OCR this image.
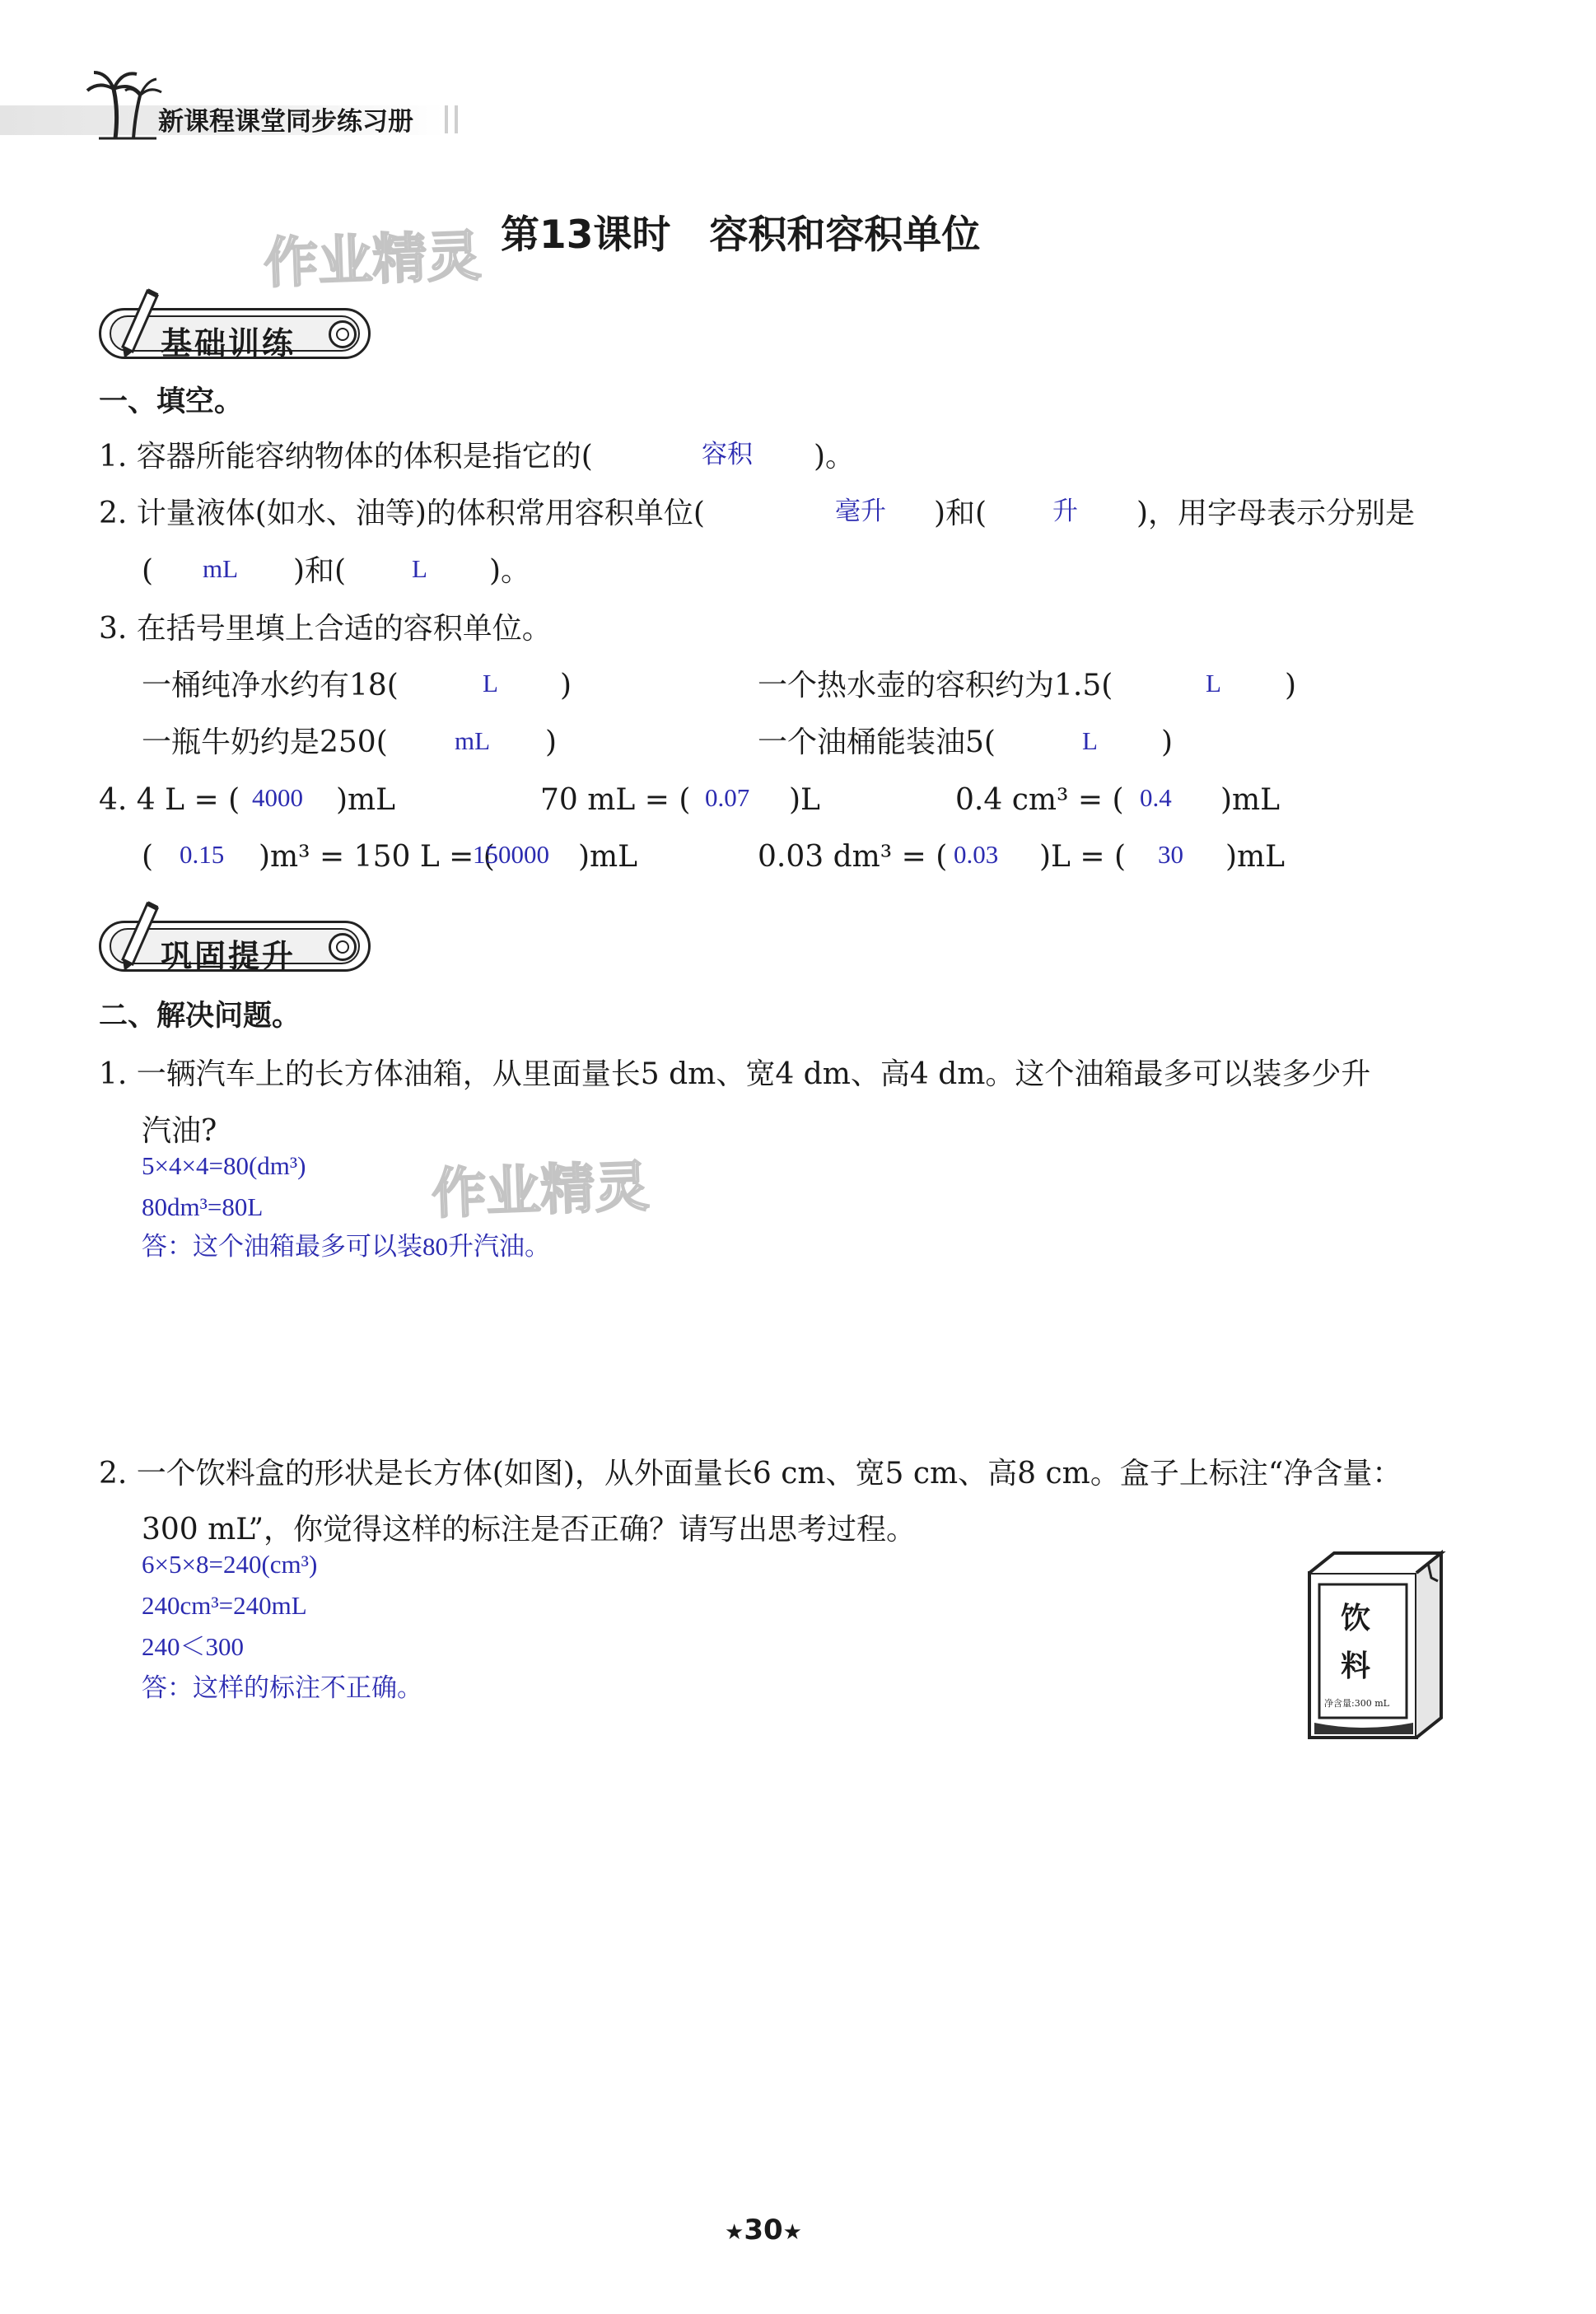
新课程课堂同步练习册
作业精灵 第13课时　容积和容积单位
基础训练
一、填空。
1. 容器所能容纳物体的体积是指它的(	容积 )。
2. 计量液体(如水、油等)的体积常用容积单位(	毫升 )和(	升 )，用字母表示分别是
( mL )和(	L )。
3. 在括号里填上合适的容积单位。
一桶纯净水约有18(	L )	一个热水壶的容积约为1.5(	L )
一瓶牛奶约是250(	mL )	一个油桶能装油5(	L )
4. 4 L = ( 4000 )mL	70 mL = ( 0.07 )L	0.4 cm³ = ( 0.4 )mL
( 0.15 )m³ = 150 L = (
150000 )mL	0.03 dm³ = ( 0.03 )L = ( 30 )mL
巩固提升
二、解决问题。
1. 一辆汽车上的长方体油箱，从里面量长5 dm、宽4 dm、高4 dm。这个油箱最多可以装多少升
汽油?
5×4×4=80(dm³)
80dm³=80L
答：这个油箱最多可以装80升汽油。
作业精灵
2. 一个饮料盒的形状是长方体(如图)，从外面量长6 cm、宽5 cm、高8 cm。盒子上标注“净含量：
300 mL”，你觉得这样的标注是否正确？请写出思考过程。
6×5×8=240(cm³)
240cm³=240mL
240＜300
答：这样的标注不正确。
饮
料
净含量:300 mL
★30★
